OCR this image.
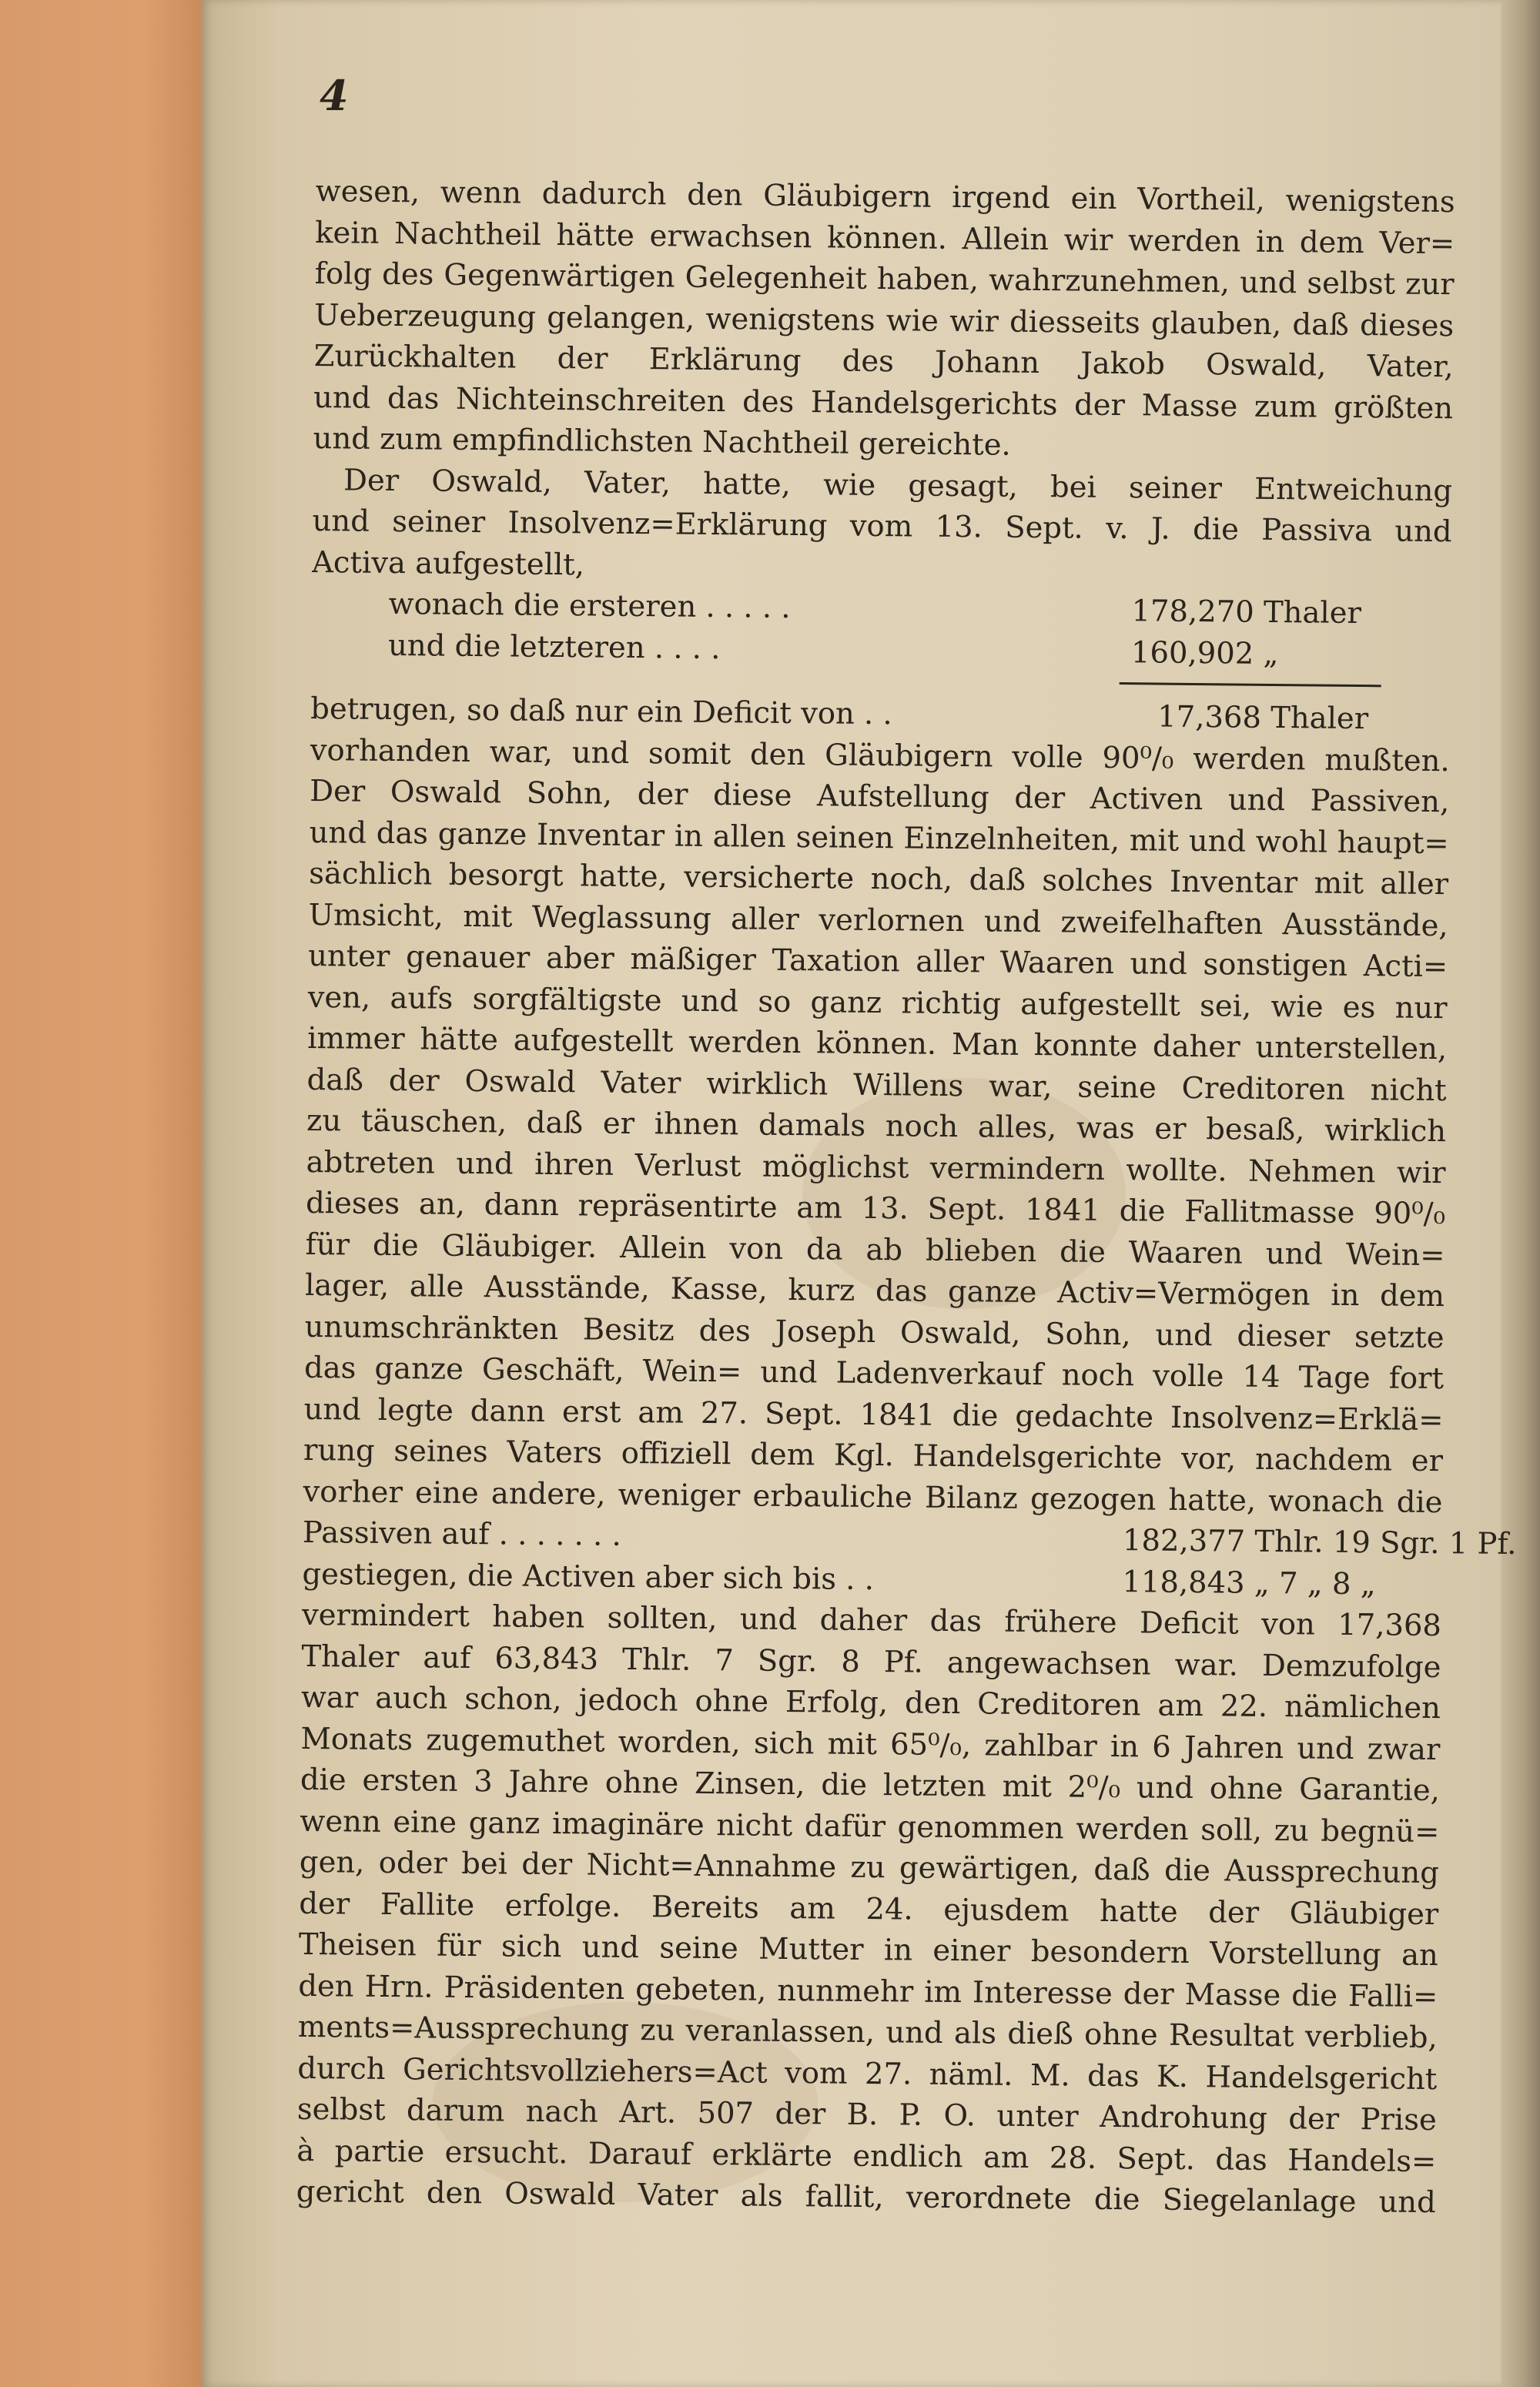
4
wesen, wenn dadurch den Gläubigern irgend ein Vortheil, wenigstens
kein Nachtheil hätte erwachsen können. Allein wir werden in dem Ver=
folg des Gegenwärtigen Gelegenheit haben, wahrzunehmen, und selbst zur
Ueberzeugung gelangen, wenigstens wie wir diesseits glauben, daß dieses
Zurückhalten der Erklärung des Johann Jakob Oswald, Vater,
und das Nichteinschreiten des Handelsgerichts der Masse zum größten
und zum empfindlichsten Nachtheil gereichte.
Der Oswald, Vater, hatte, wie gesagt, bei seiner Entweichung
und seiner Insolvenz=Erklärung vom 13. Sept. v. J. die Passiva und
Activa aufgestellt,
wonach die ersteren . . . . .	178,270 Thaler
und die letzteren . . . .	160,902 „
betrugen, so daß nur ein Deficit von . .	17,368 Thaler
vorhanden war, und somit den Gläubigern volle 90⁰/₀ werden mußten.
Der Oswald Sohn, der diese Aufstellung der Activen und Passiven,
und das ganze Inventar in allen seinen Einzelnheiten, mit und wohl haupt=
sächlich besorgt hatte, versicherte noch, daß solches Inventar mit aller
Umsicht, mit Weglassung aller verlornen und zweifelhaften Ausstände,
unter genauer aber mäßiger Taxation aller Waaren und sonstigen Acti=
ven, aufs sorgfältigste und so ganz richtig aufgestellt sei, wie es nur
immer hätte aufgestellt werden können. Man konnte daher unterstellen,
daß der Oswald Vater wirklich Willens war, seine Creditoren nicht
zu täuschen, daß er ihnen damals noch alles, was er besaß, wirklich
abtreten und ihren Verlust möglichst vermindern wollte. Nehmen wir
dieses an, dann repräsentirte am 13. Sept. 1841 die Fallitmasse 90⁰/₀
für die Gläubiger. Allein von da ab blieben die Waaren und Wein=
lager, alle Ausstände, Kasse, kurz das ganze Activ=Vermögen in dem
unumschränkten Besitz des Joseph Oswald, Sohn, und dieser setzte
das ganze Geschäft, Wein= und Ladenverkauf noch volle 14 Tage fort
und legte dann erst am 27. Sept. 1841 die gedachte Insolvenz=Erklä=
rung seines Vaters offiziell dem Kgl. Handelsgerichte vor, nachdem er
vorher eine andere, weniger erbauliche Bilanz gezogen hatte, wonach die
Passiven auf . . . . . . .	182,377 Thlr. 19 Sgr. 1 Pf.
gestiegen, die Activen aber sich bis . .	118,843 „ 7 „ 8 „
vermindert haben sollten, und daher das frühere Deficit von 17,368
Thaler auf 63,843 Thlr. 7 Sgr. 8 Pf. angewachsen war. Demzufolge
war auch schon, jedoch ohne Erfolg, den Creditoren am 22. nämlichen
Monats zugemuthet worden, sich mit 65⁰/₀, zahlbar in 6 Jahren und zwar
die ersten 3 Jahre ohne Zinsen, die letzten mit 2⁰/₀ und ohne Garantie,
wenn eine ganz imaginäre nicht dafür genommen werden soll, zu begnü=
gen, oder bei der Nicht=Annahme zu gewärtigen, daß die Aussprechung
der Fallite erfolge. Bereits am 24. ejusdem hatte der Gläubiger
Theisen für sich und seine Mutter in einer besondern Vorstellung an
den Hrn. Präsidenten gebeten, nunmehr im Interesse der Masse die Falli=
ments=Aussprechung zu veranlassen, und als dieß ohne Resultat verblieb,
durch Gerichtsvollziehers=Act vom 27. näml. M. das K. Handelsgericht
selbst darum nach Art. 507 der B. P. O. unter Androhung der Prise
à partie ersucht. Darauf erklärte endlich am 28. Sept. das Handels=
gericht den Oswald Vater als fallit, verordnete die Siegelanlage und
